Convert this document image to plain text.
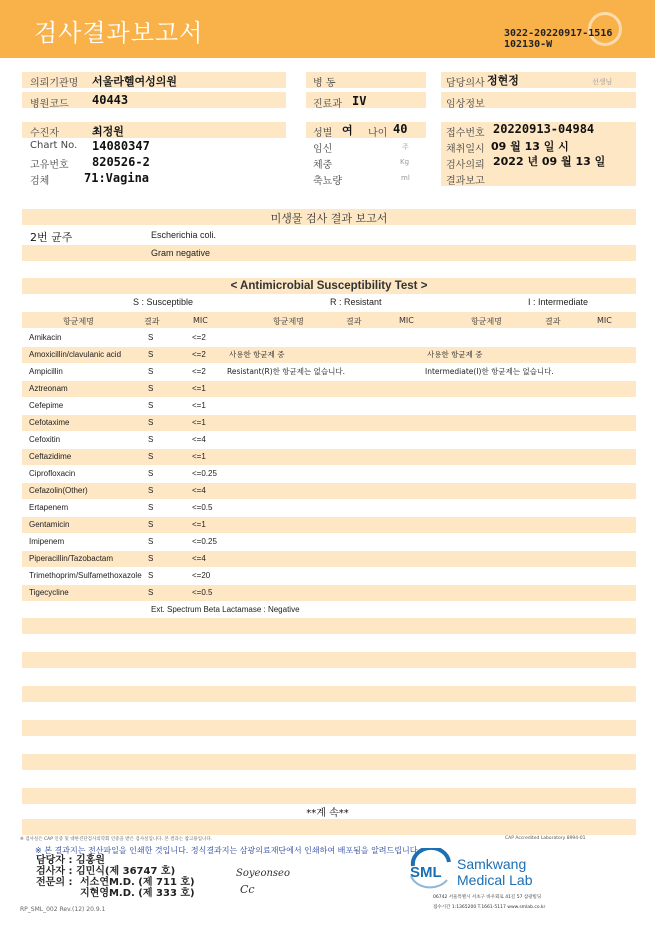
검사결과보고서	3022-20220917-1516
102130-W
의뢰기관명 서울라헬여성의원
병원코드 40443
병 동
진료과 IV
담당의사 정현정	선생님
임상정보
수진자	최정원
Chart No. 14080347
고유번호 820526-2
검체	71:Vagina
성별 여 나이 40
임신	주
체중	Kg
축뇨량	ml
접수번호 20220913-04984
채취일시 09 월 13 일 시
검사의뢰 2022 년 09 월 13 일
결과보고
미생물 검사 결과 보고서
2번 균주	Escherichia coli.
Gram negative
< Antimicrobial Susceptibility Test >
S : Susceptible	R : Resistant	I : Intermediate
항균제명	결과	MIC	항균제명	결과	MIC	항균제명	결과	MIC
Amikacin	S	<=2
Amoxicillin/clavulanic acid	S	<=2
Ampicillin	S	<=2
Aztreonam	S	<=1
Cefepime	S	<=1
Cefotaxime	S	<=1
Cefoxitin	S	<=4
Ceftazidime	S	<=1
Ciprofloxacin	S	<=0.25
Cefazolin(Other)	S	<=4
Ertapenem	S	<=0.5
Gentamicin	S	<=1
Imipenem	S	<=0.25
Piperacillin/Tazobactam	S	<=4
Trimethoprim/Sulfamethoxazole S	<=20
Tigecycline	S	<=0.5
Ext. Spectrum Beta Lactamase : Negative
사용한 항균제 중
Resistant(R)한 항균제는 없습니다.
사용한 항균제 중
Intermediate(I)한 항균제는 없습니다.
**계 속**
※ 검사실은 CAP 인증 및 대한진단검사의학회 인증을 받은 검사실입니다. 본 결과는 참고용입니다.	CAP Accredited Laboratory 8994-01
※ 본 결과지는 전산파일을 인쇄한 것입니다. 정식결과지는 삼광의료재단에서 인쇄하여 배포됨을 알려드립니다.
담당자 : 김홍원
검사자 : 김민식(제 36747 호)
전문의 : 서소연M.D. (제 711 호)
지현영M.D. (제 333 호)
Soyeonseo
Cc
SML Samkwang
Medical Lab
06742 서울특별시 서초구 바우뫼로 41길 57 삼광빌딩
접수시간 1:1365200 T.1661-5117 www.smlab.co.kr
RP_SML_002 Rev.(12) 20.9.1
